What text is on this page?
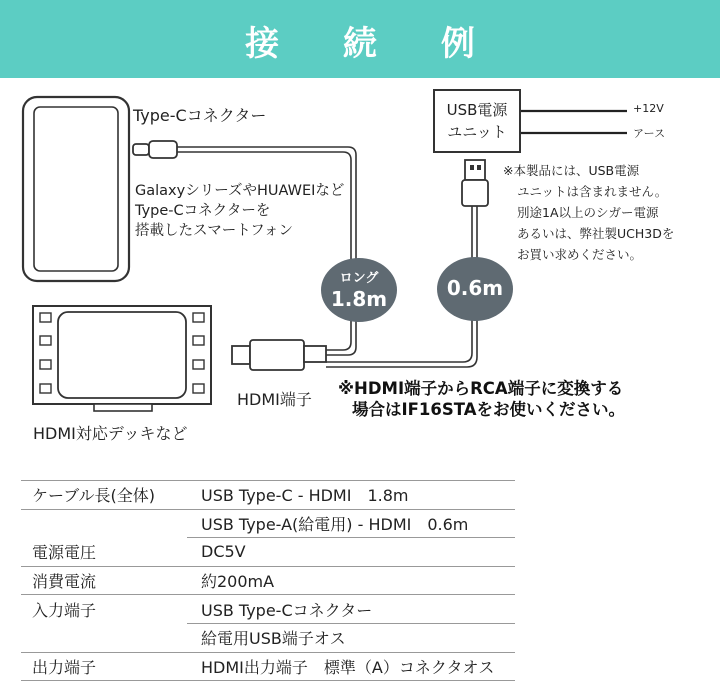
接 続 例
Type-Cコネクター
GalaxyシリーズやHUAWEIなど
Type-Cコネクターを
搭載したスマートフォン
USB電源
ユニット
+12V
アース
※本製品には、USB電源
ユニットは含まれません。
別途1A以上のシガー電源
あるいは、弊社製UCH3Dを
お買い求めください。
ロング
1.8m	0.6m
HDMI端子
HDMI対応デッキなど
※HDMI端子からRCA端子に変換する
場合はIF16STAをお使いください。
ケーブル長(全体)	USB Type-C - HDMI　1.8m
	USB Type-A(給電用) - HDMI　0.6m
電源電圧	DC5V
消費電流	約200mA
入力端子	USB Type-Cコネクター
	給電用USB端子オス
出力端子	HDMI出力端子　標準（A）コネクタオス
